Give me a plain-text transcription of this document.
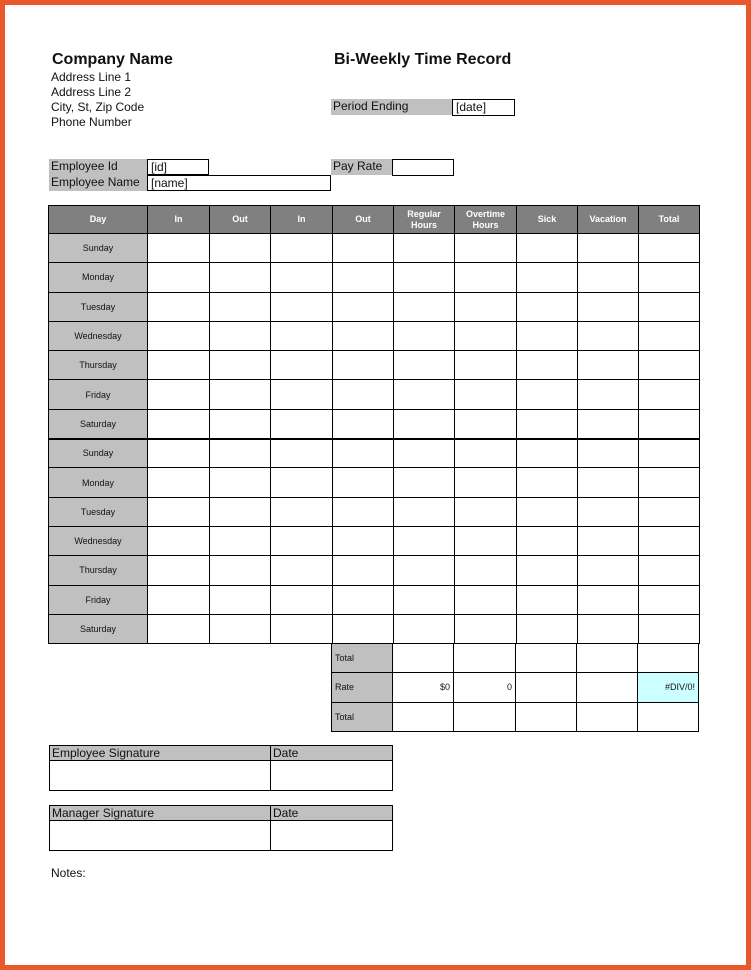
Company Name
Address Line 1
Address Line 2
City, St, Zip Code
Phone Number
Bi-Weekly Time Record
Period Ending	[date]
Employee Id	[id]
Employee Name [name]
Pay Rate
Day	In	Out	In	Out	Regular Hours	Overtime Hours	Sick	Vacation	Total
Sunday									
Monday									
Tuesday									
Wednesday									
Thursday									
Friday									
Saturday									
Sunday									
Monday									
Tuesday									
Wednesday									
Thursday									
Friday									
Saturday									
Total					
Rate	$0	0			#DIV/0!
Total					
Employee Signature	Date

Manager Signature	Date

Notes:
